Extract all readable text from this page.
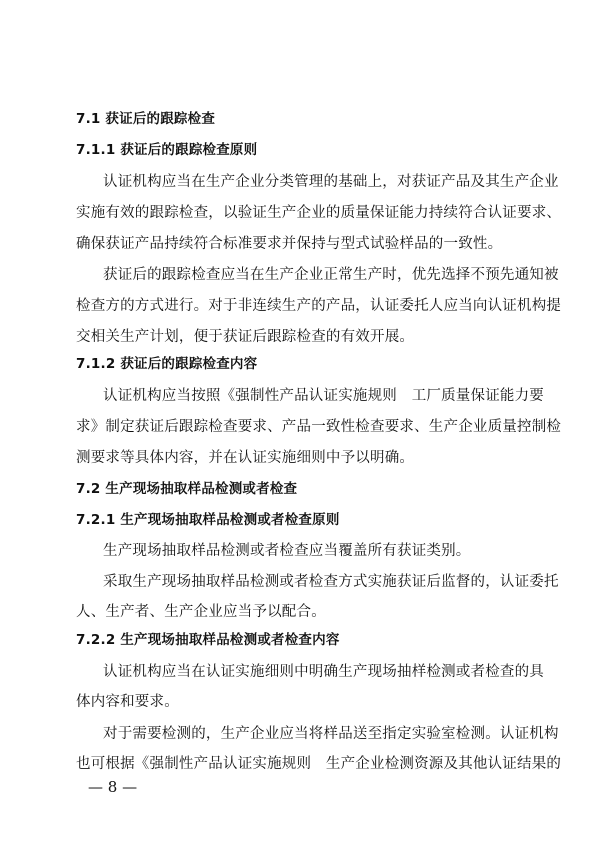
7.1 获证后的跟踪检查
7.1.1 获证后的跟踪检查原则
认证机构应当在生产企业分类管理的基础上，对获证产品及其生产企业
实施有效的跟踪检查，以验证生产企业的质量保证能力持续符合认证要求、
确保获证产品持续符合标准要求并保持与型式试验样品的一致性。
获证后的跟踪检查应当在生产企业正常生产时，优先选择不预先通知被
检查方的方式进行。对于非连续生产的产品，认证委托人应当向认证机构提
交相关生产计划，便于获证后跟踪检查的有效开展。
7.1.2 获证后的跟踪检查内容
认证机构应当按照《强制性产品认证实施规则　工厂质量保证能力要
求》制定获证后跟踪检查要求、产品一致性检查要求、生产企业质量控制检
测要求等具体内容，并在认证实施细则中予以明确。
7.2 生产现场抽取样品检测或者检查
7.2.1 生产现场抽取样品检测或者检查原则
生产现场抽取样品检测或者检查应当覆盖所有获证类别。
采取生产现场抽取样品检测或者检查方式实施获证后监督的，认证委托
人、生产者、生产企业应当予以配合。
7.2.2 生产现场抽取样品检测或者检查内容
认证机构应当在认证实施细则中明确生产现场抽样检测或者检查的具
体内容和要求。
对于需要检测的，生产企业应当将样品送至指定实验室检测。认证机构
也可根据《强制性产品认证实施规则　生产企业检测资源及其他认证结果的
— 8 —
